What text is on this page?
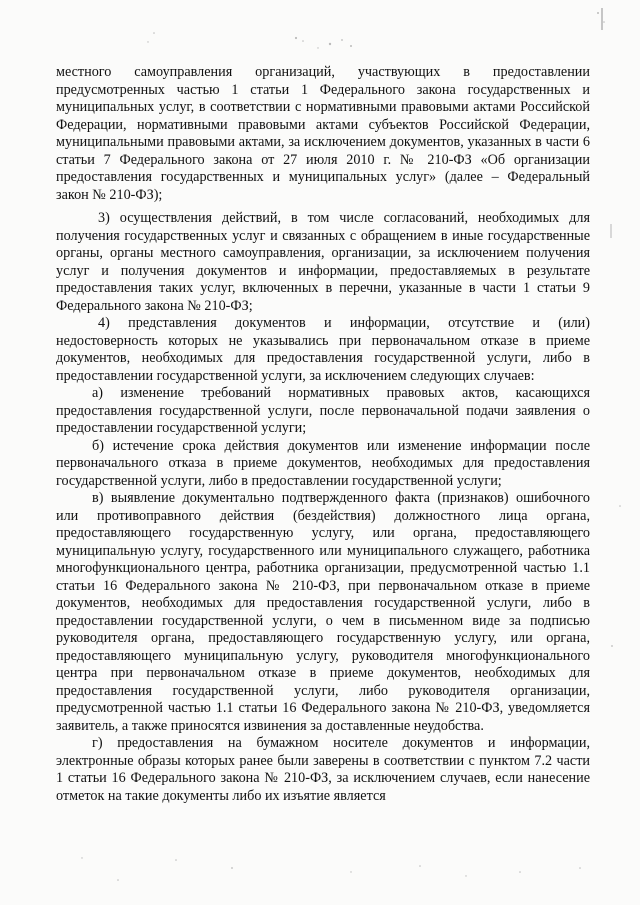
местного самоуправления организаций, участвующих в предоставлении предусмотренных частью 1 статьи 1 Федерального закона государственных и муниципальных услуг, в соответствии с нормативными правовыми актами Российской Федерации, нормативными правовыми актами субъектов Российской Федерации, муниципальными правовыми актами, за исключением документов, указанных в части 6 статьи 7 Федерального закона от 27 июля 2010 г. № 210-ФЗ «Об организации предоставления государственных и муниципальных услуг» (далее – Федеральный закон № 210-ФЗ);

3) осуществления действий, в том числе согласований, необходимых для получения государственных услуг и связанных с обращением в иные государственные органы, органы местного самоуправления, организации, за исключением получения услуг и получения документов и информации, предоставляемых в результате предоставления таких услуг, включенных в перечни, указанные в части 1 статьи 9 Федерального закона № 210-ФЗ;

4) представления документов и информации, отсутствие и (или) недостоверность которых не указывались при первоначальном отказе в приеме документов, необходимых для предоставления государственной услуги, либо в предоставлении государственной услуги, за исключением следующих случаев:

а) изменение требований нормативных правовых актов, касающихся предоставления государственной услуги, после первоначальной подачи заявления о предоставлении государственной услуги;

б) истечение срока действия документов или изменение информации после первоначального отказа в приеме документов, необходимых для предоставления государственной услуги, либо в предоставлении государственной услуги;

в) выявление документально подтвержденного факта (признаков) ошибочного или противоправного действия (бездействия) должностного лица органа, предоставляющего государственную услугу, или органа, предоставляющего муниципальную услугу, государственного или муниципального служащего, работника многофункционального центра, работника организации, предусмотренной частью 1.1 статьи 16 Федерального закона № 210-ФЗ, при первоначальном отказе в приеме документов, необходимых для предоставления государственной услуги, либо в предоставлении государственной услуги, о чем в письменном виде за подписью руководителя органа, предоставляющего государственную услугу, или органа, предоставляющего муниципальную услугу, руководителя многофункционального центра при первоначальном отказе в приеме документов, необходимых для предоставления государственной услуги, либо руководителя организации, предусмотренной частью 1.1 статьи 16 Федерального закона № 210-ФЗ, уведомляется заявитель, а также приносятся извинения за доставленные неудобства.

г) предоставления на бумажном носителе документов и информации, электронные образы которых ранее были заверены в соответствии с пунктом 7.2 части 1 статьи 16 Федерального закона № 210-ФЗ, за исключением случаев, если нанесение отметок на такие документы либо их изъятие является
